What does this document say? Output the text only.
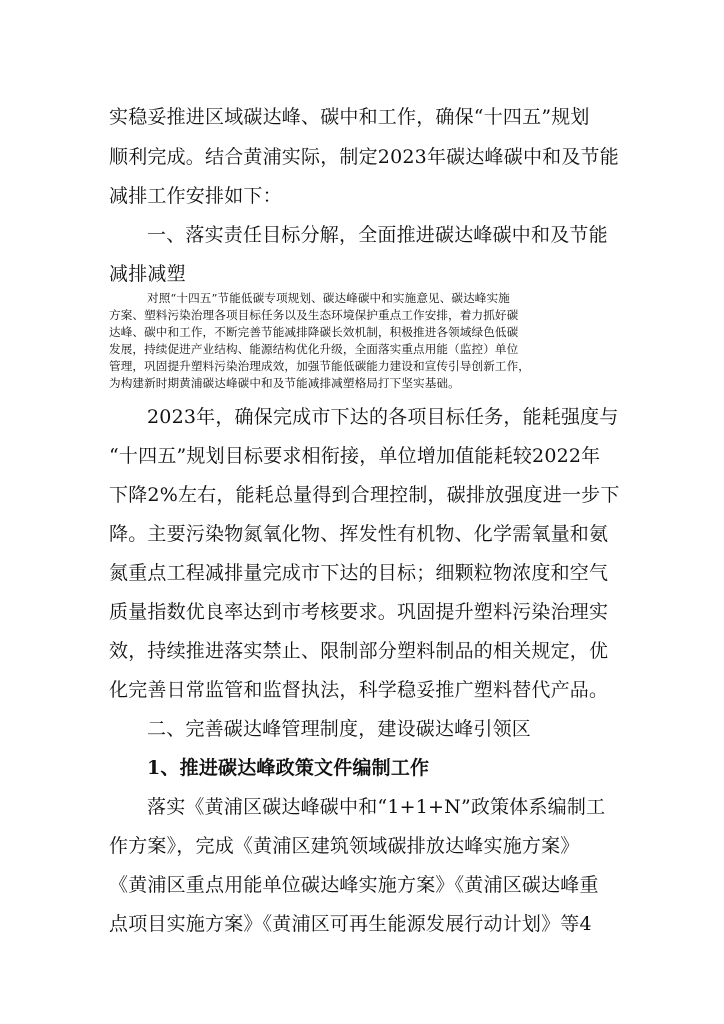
实稳妥推进区域碳达峰、碳中和工作，确保“十四五”规划
顺利完成。结合黄浦实际，制定2023年碳达峰碳中和及节能
减排工作安排如下：
一、落实责任目标分解，全面推进碳达峰碳中和及节能
减排减塑
对照“十四五”节能低碳专项规划、碳达峰碳中和实施意见、碳达峰实施
方案、塑料污染治理各项目标任务以及生态环境保护重点工作安排，着力抓好碳
达峰、碳中和工作，不断完善节能减排降碳长效机制，积极推进各领域绿色低碳
发展，持续促进产业结构、能源结构优化升级，全面落实重点用能（监控）单位
管理，巩固提升塑料污染治理成效，加强节能低碳能力建设和宣传引导创新工作，
为构建新时期黄浦碳达峰碳中和及节能减排减塑格局打下坚实基础。
2023年，确保完成市下达的各项目标任务，能耗强度与
“十四五”规划目标要求相衔接，单位增加值能耗较2022年
下降2%左右，能耗总量得到合理控制，碳排放强度进一步下
降。主要污染物氮氧化物、挥发性有机物、化学需氧量和氨
氮重点工程减排量完成市下达的目标；细颗粒物浓度和空气
质量指数优良率达到市考核要求。巩固提升塑料污染治理实
效，持续推进落实禁止、限制部分塑料制品的相关规定，优
化完善日常监管和监督执法，科学稳妥推广塑料替代产品。
二、完善碳达峰管理制度，建设碳达峰引领区
1、推进碳达峰政策文件编制工作
落实《黄浦区碳达峰碳中和“1+1+N”政策体系编制工
作方案》，完成《黄浦区建筑领域碳排放达峰实施方案》
《黄浦区重点用能单位碳达峰实施方案》《黄浦区碳达峰重
点项目实施方案》《黄浦区可再生能源发展行动计划》等4
